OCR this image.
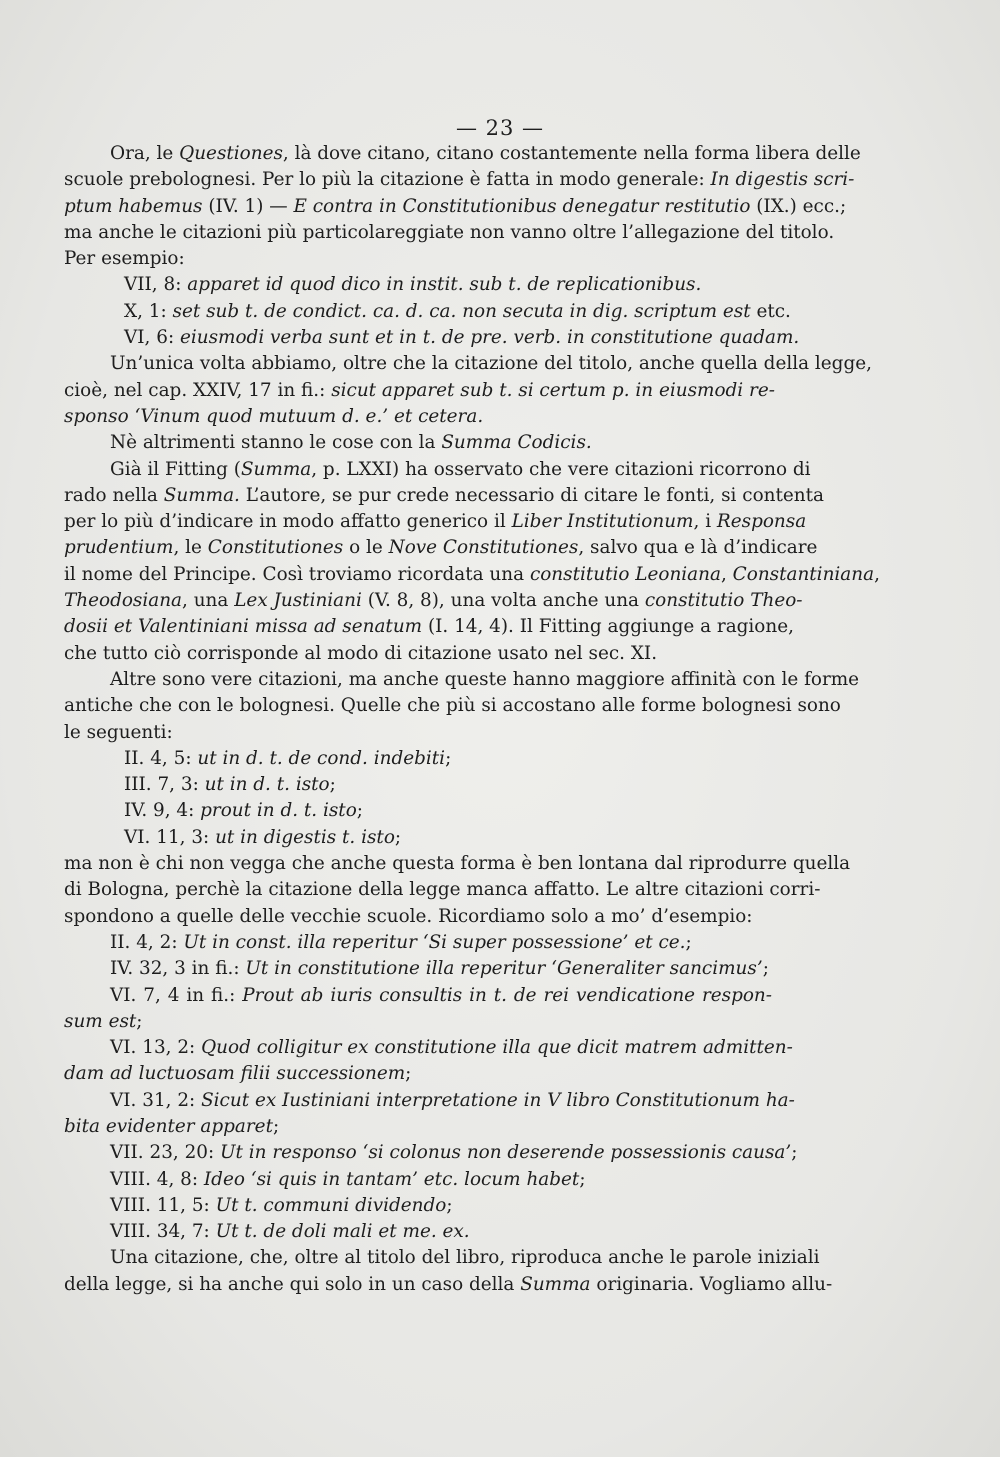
— 23 —
Ora, le Questiones, là dove citano, citano costantemente nella forma libera delle
scuole prebolognesi. Per lo più la citazione è fatta in modo generale: In digestis scri-
ptum habemus (IV. 1) — E contra in Constitutionibus denegatur restitutio (IX.) ecc.;
ma anche le citazioni più particolareggiate non vanno oltre l’allegazione del titolo.
Per esempio:
VII, 8: apparet id quod dico in instit. sub t. de replicationibus.
X, 1: set sub t. de condict. ca. d. ca. non secuta in dig. scriptum est etc.
VI, 6: eiusmodi verba sunt et in t. de pre. verb. in constitutione quadam.
Un’unica volta abbiamo, oltre che la citazione del titolo, anche quella della legge,
cioè, nel cap. XXIV, 17 in fi.: sicut apparet sub t. si certum p. in eiusmodi re-
sponso ‘Vinum quod mutuum d. e.’ et cetera.
Nè altrimenti stanno le cose con la Summa Codicis.
Già il Fitting (Summa, p. LXXI) ha osservato che vere citazioni ricorrono di
rado nella Summa. L’autore, se pur crede necessario di citare le fonti, si contenta
per lo più d’indicare in modo affatto generico il Liber Institutionum, i Responsa
prudentium, le Constitutiones o le Nove Constitutiones, salvo qua e là d’indicare
il nome del Principe. Così troviamo ricordata una constitutio Leoniana, Constantiniana,
Theodosiana, una Lex Justiniani (V. 8, 8), una volta anche una constitutio Theo-
dosii et Valentiniani missa ad senatum (I. 14, 4). Il Fitting aggiunge a ragione,
che tutto ciò corrisponde al modo di citazione usato nel sec. XI.
Altre sono vere citazioni, ma anche queste hanno maggiore affinità con le forme
antiche che con le bolognesi. Quelle che più si accostano alle forme bolognesi sono
le seguenti:
II. 4, 5: ut in d. t. de cond. indebiti;
III. 7, 3: ut in d. t. isto;
IV. 9, 4: prout in d. t. isto;
VI. 11, 3: ut in digestis t. isto;
ma non è chi non vegga che anche questa forma è ben lontana dal riprodurre quella
di Bologna, perchè la citazione della legge manca affatto. Le altre citazioni corri-
spondono a quelle delle vecchie scuole. Ricordiamo solo a mo’ d’esempio:
II. 4, 2: Ut in const. illa reperitur ‘Si super possessione’ et ce.;
IV. 32, 3 in fi.: Ut in constitutione illa reperitur ‘Generaliter sancimus’;
VI. 7, 4 in fi.: Prout ab iuris consultis in t. de rei vendicatione respon-
sum est;
VI. 13, 2: Quod colligitur ex constitutione illa que dicit matrem admitten-
dam ad luctuosam filii successionem;
VI. 31, 2: Sicut ex Iustiniani interpretatione in V libro Constitutionum ha-
bita evidenter apparet;
VII. 23, 20: Ut in responso ‘si colonus non deserende possessionis causa’;
VIII. 4, 8: Ideo ‘si quis in tantam’ etc. locum habet;
VIII. 11, 5: Ut t. communi dividendo;
VIII. 34, 7: Ut t. de doli mali et me. ex.
Una citazione, che, oltre al titolo del libro, riproduca anche le parole iniziali
della legge, si ha anche qui solo in un caso della Summa originaria. Vogliamo allu-
